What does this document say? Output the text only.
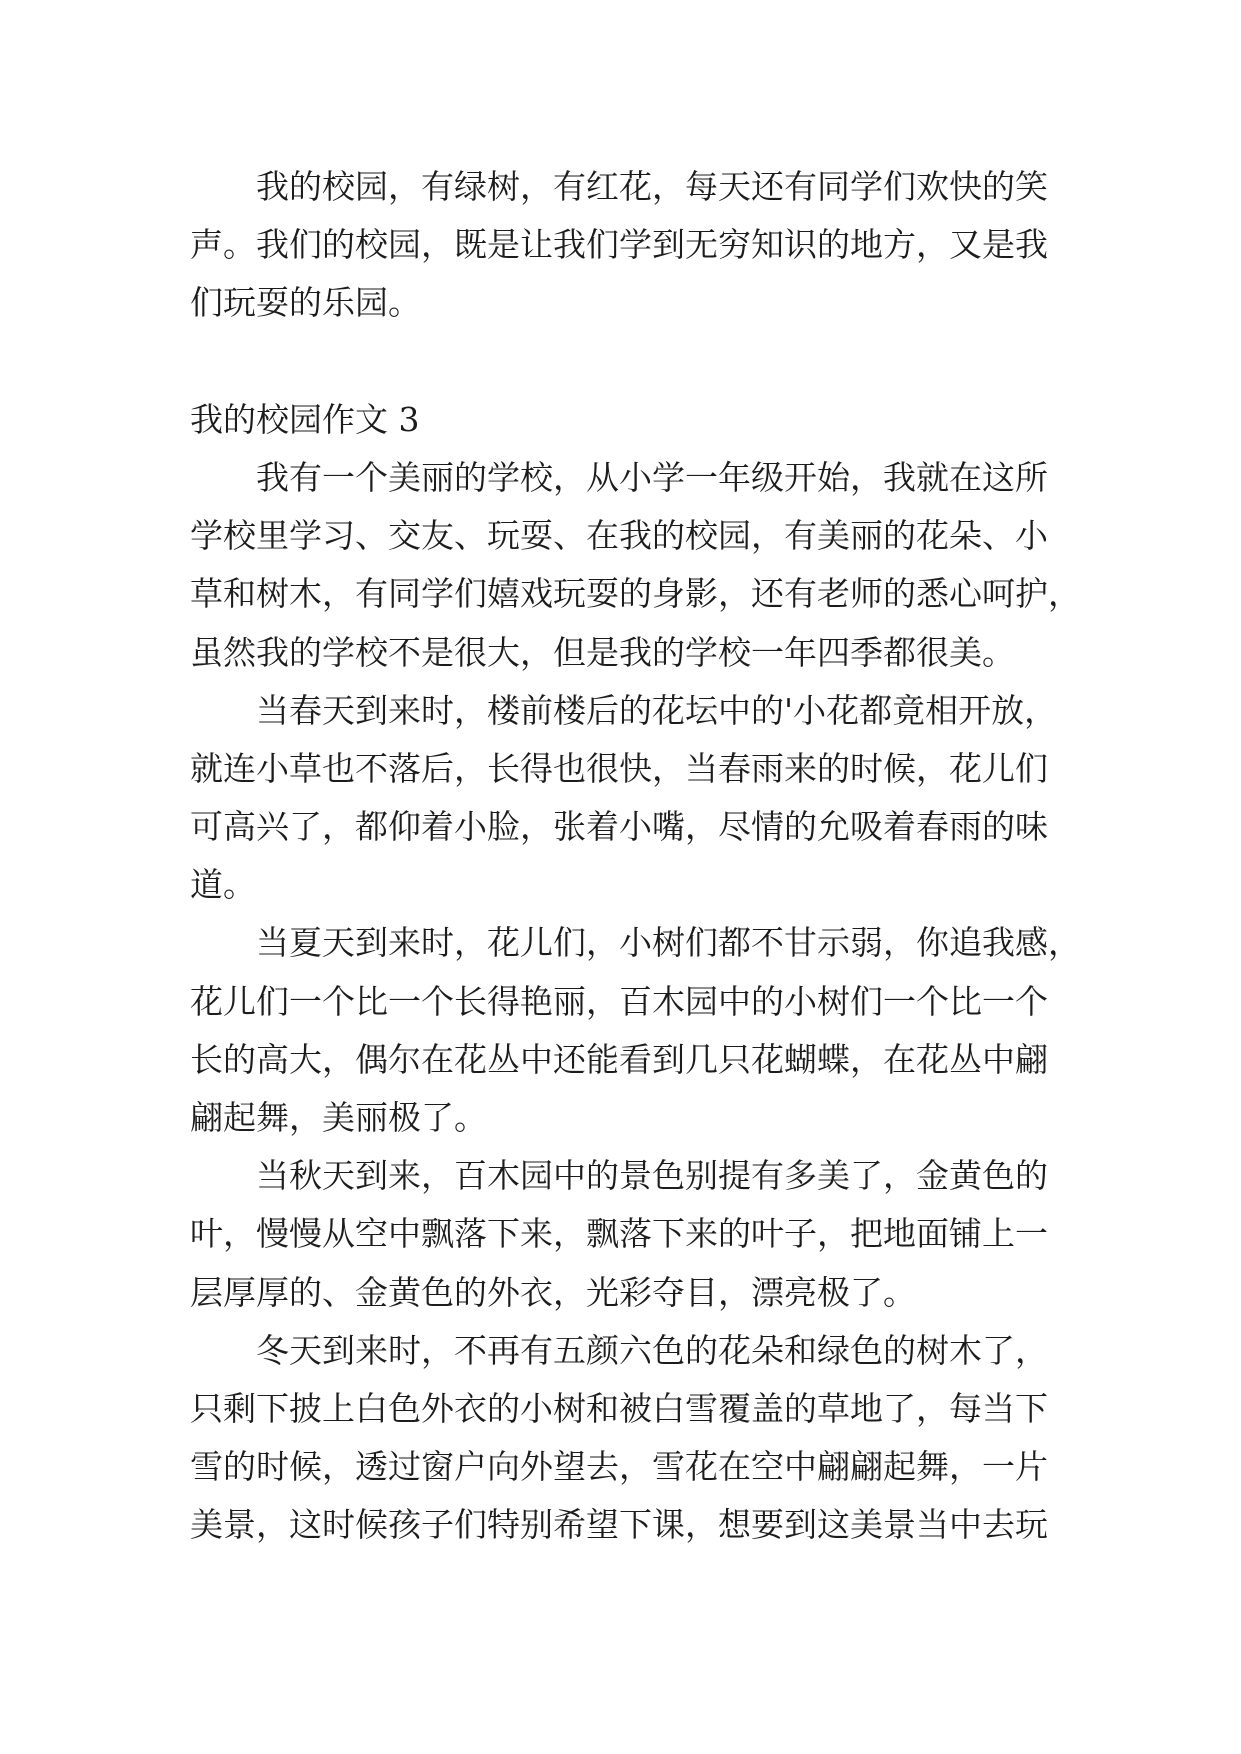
我的校园，有绿树，有红花，每天还有同学们欢快的笑
声。我们的校园，既是让我们学到无穷知识的地方，又是我
们玩耍的乐园。
我的校园作文 3
我有一个美丽的学校，从小学一年级开始，我就在这所
学校里学习、交友、玩耍、在我的校园，有美丽的花朵、小
草和树木，有同学们嬉戏玩耍的身影，还有老师的悉心呵护，
虽然我的学校不是很大，但是我的学校一年四季都很美。
当春天到来时，楼前楼后的花坛中的'小花都竟相开放，
就连小草也不落后，长得也很快，当春雨来的时候，花儿们
可高兴了，都仰着小脸，张着小嘴，尽情的允吸着春雨的味
道。
当夏天到来时，花儿们，小树们都不甘示弱，你追我感，
花儿们一个比一个长得艳丽，百木园中的小树们一个比一个
长的高大，偶尔在花丛中还能看到几只花蝴蝶，在花丛中翩
翩起舞，美丽极了。
当秋天到来，百木园中的景色别提有多美了，金黄色的
叶，慢慢从空中飘落下来，飘落下来的叶子，把地面铺上一
层厚厚的、金黄色的外衣，光彩夺目，漂亮极了。
冬天到来时，不再有五颜六色的花朵和绿色的树木了，
只剩下披上白色外衣的小树和被白雪覆盖的草地了，每当下
雪的时候，透过窗户向外望去，雪花在空中翩翩起舞，一片
美景，这时候孩子们特别希望下课，想要到这美景当中去玩
